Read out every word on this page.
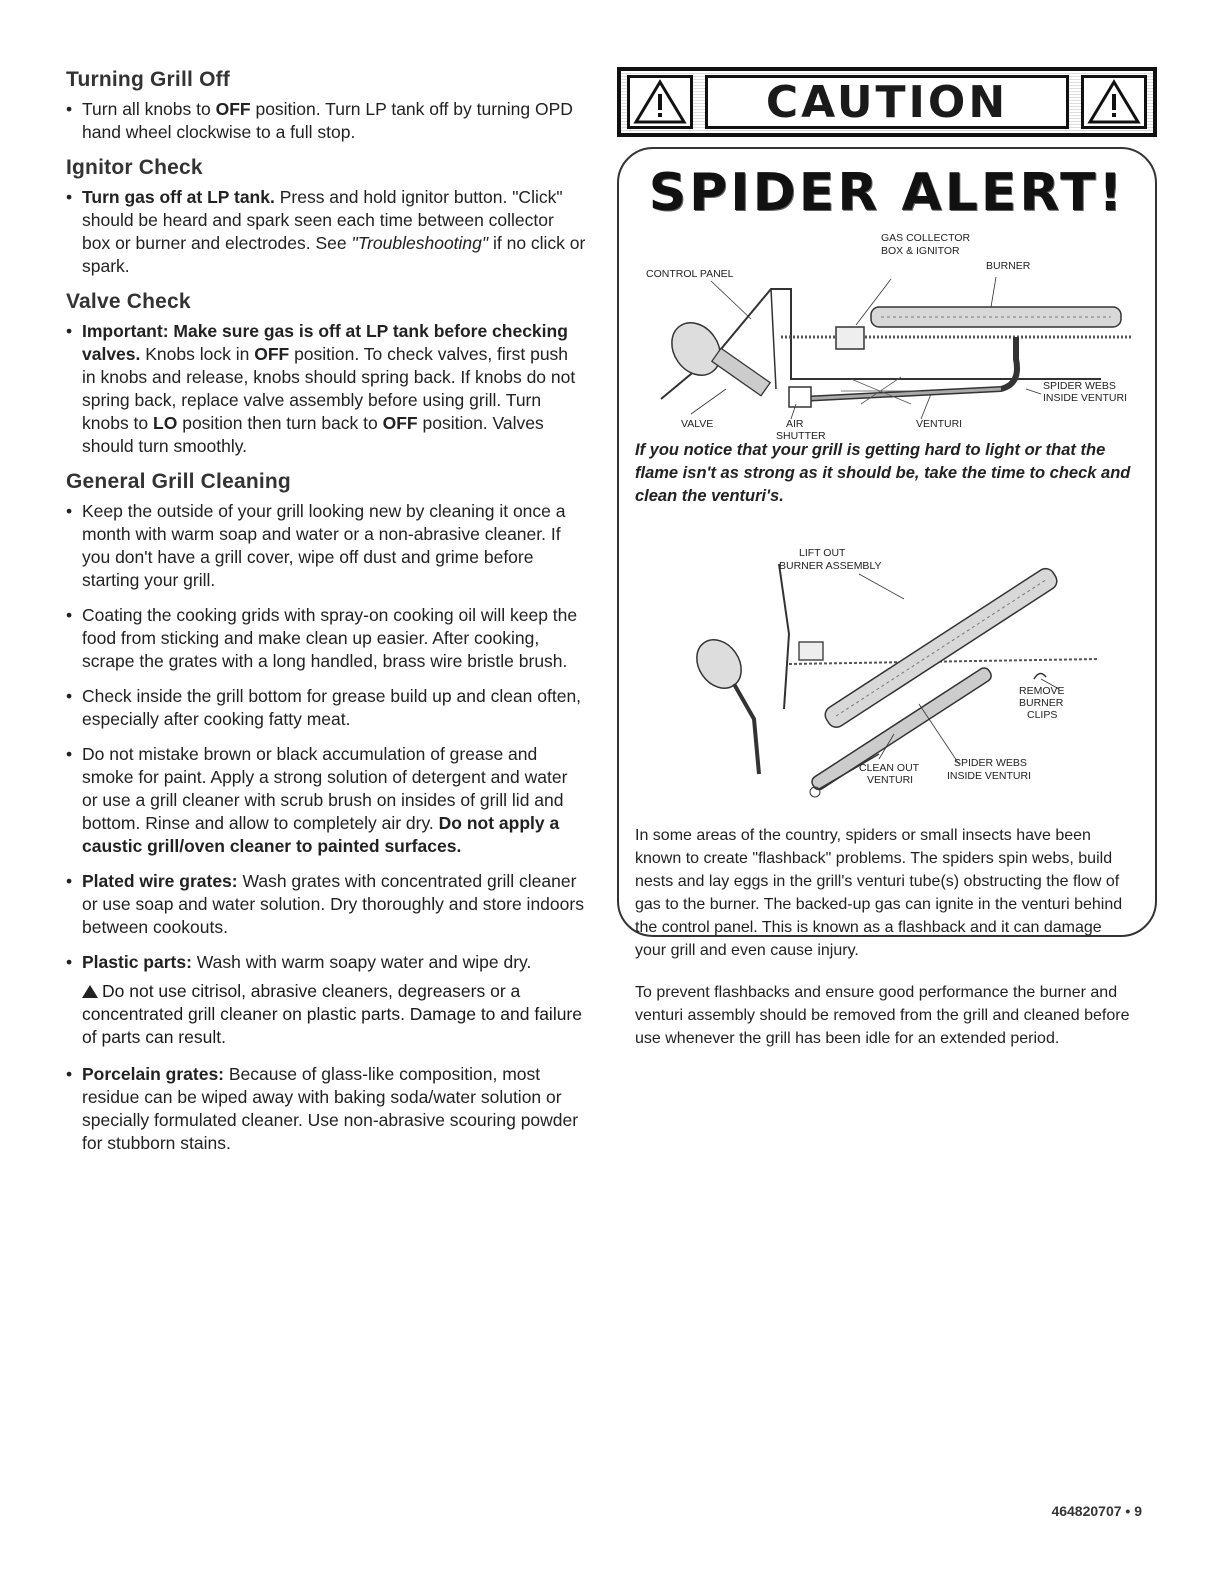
Turning Grill Off
• Turn all knobs to OFF position. Turn LP tank off by turning OPD hand wheel clockwise to a full stop.
Ignitor Check
• Turn gas off at LP tank. Press and hold ignitor button. "Click" should be heard and spark seen each time between collector box or burner and electrodes. See "Troubleshooting" if no click or spark.
Valve Check
• Important: Make sure gas is off at LP tank before checking valves. Knobs lock in OFF position. To check valves, first push in knobs and release, knobs should spring back. If knobs do not spring back, replace valve assembly before using grill. Turn knobs to LO position then turn back to OFF position. Valves should turn smoothly.
General Grill Cleaning
• Keep the outside of your grill looking new by cleaning it once a month with warm soap and water or a non-abrasive cleaner. If you don't have a grill cover, wipe off dust and grime before starting your grill.
• Coating the cooking grids with spray-on cooking oil will keep the food from sticking and make clean up easier. After cooking, scrape the grates with a long handled, brass wire bristle brush.
• Check inside the grill bottom for grease build up and clean often, especially after cooking fatty meat.
• Do not mistake brown or black accumulation of grease and smoke for paint. Apply a strong solution of detergent and water or use a grill cleaner with scrub brush on insides of grill lid and bottom. Rinse and allow to completely air dry. Do not apply a caustic grill/oven cleaner to painted surfaces.
• Plated wire grates: Wash grates with concentrated grill cleaner or use soap and water solution. Dry thoroughly and store indoors between cookouts.
• Plastic parts: Wash with warm soapy water and wipe dry.
Do not use citrisol, abrasive cleaners, degreasers or a concentrated grill cleaner on plastic parts. Damage to and failure of parts can result.
• Porcelain grates: Because of glass-like composition, most residue can be wiped away with baking soda/water solution or specially formulated cleaner. Use non-abrasive scouring powder for stubborn stains.
CAUTION
SPIDER ALERT!
GAS COLLECTOR
BOX & IGNITOR
CONTROL PANEL
BURNER
SPIDER WEBS
INSIDE VENTURI
VALVE	AIR
SHUTTER
VENTURI
If you notice that your grill is getting hard to light or that the flame isn't as strong as it should be, take the time to check and clean the venturi's.
LIFT OUT
BURNER ASSEMBLY
REMOVE
BURNER
CLIPS
CLEAN OUT
VENTURI
SPIDER WEBS
INSIDE VENTURI
In some areas of the country, spiders or small insects have been known to create "flashback" problems. The spiders spin webs, build nests and lay eggs in the grill's venturi tube(s) obstructing the flow of gas to the burner. The backed-up gas can ignite in the venturi behind the control panel. This is known as a flashback and it can damage your grill and even cause injury.
To prevent flashbacks and ensure good performance the burner and venturi assembly should be removed from the grill and cleaned before use whenever the grill has been idle for an extended period.
464820707 • 9
